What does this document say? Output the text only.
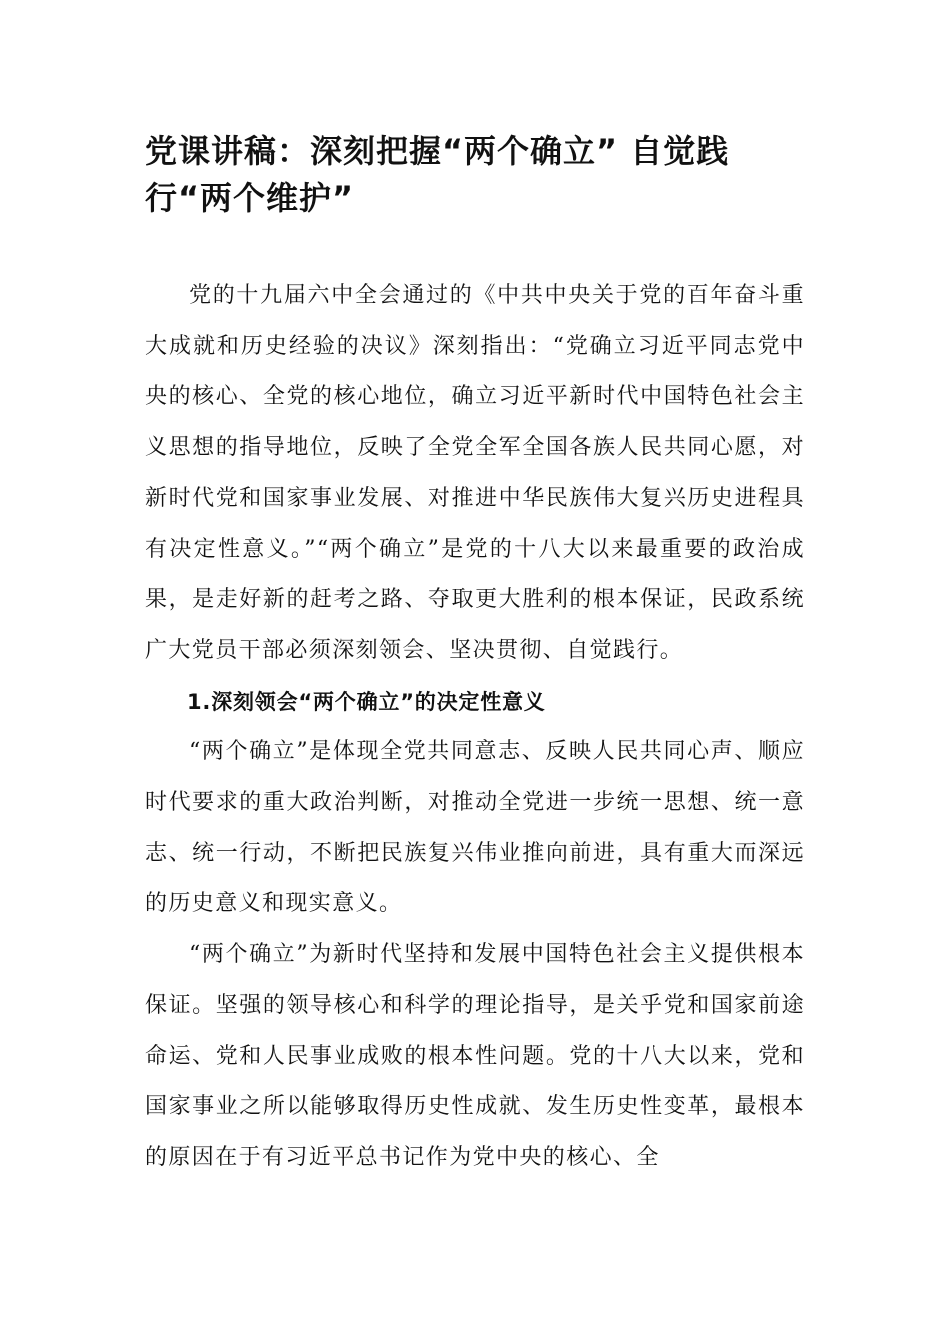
党课讲稿：深刻把握“两个确立” 自觉践行“两个维护”

党的十九届六中全会通过的《中共中央关于党的百年奋斗重大成就和历史经验的决议》深刻指出：“党确立习近平同志党中央的核心、全党的核心地位，确立习近平新时代中国特色社会主义思想的指导地位，反映了全党全军全国各族人民共同心愿，对新时代党和国家事业发展、对推进中华民族伟大复兴历史进程具有决定性意义。”“两个确立”是党的十八大以来最重要的政治成果，是走好新的赶考之路、夺取更大胜利的根本保证，民政系统广大党员干部必须深刻领会、坚决贯彻、自觉践行。

1.深刻领会“两个确立”的决定性意义

“两个确立”是体现全党共同意志、反映人民共同心声、顺应时代要求的重大政治判断，对推动全党进一步统一思想、统一意志、统一行动，不断把民族复兴伟业推向前进，具有重大而深远的历史意义和现实意义。

“两个确立”为新时代坚持和发展中国特色社会主义提供根本保证。坚强的领导核心和科学的理论指导，是关乎党和国家前途命运、党和人民事业成败的根本性问题。党的十八大以来，党和国家事业之所以能够取得历史性成就、发生历史性变革，最根本的原因在于有习近平总书记作为党中央的核心、全
